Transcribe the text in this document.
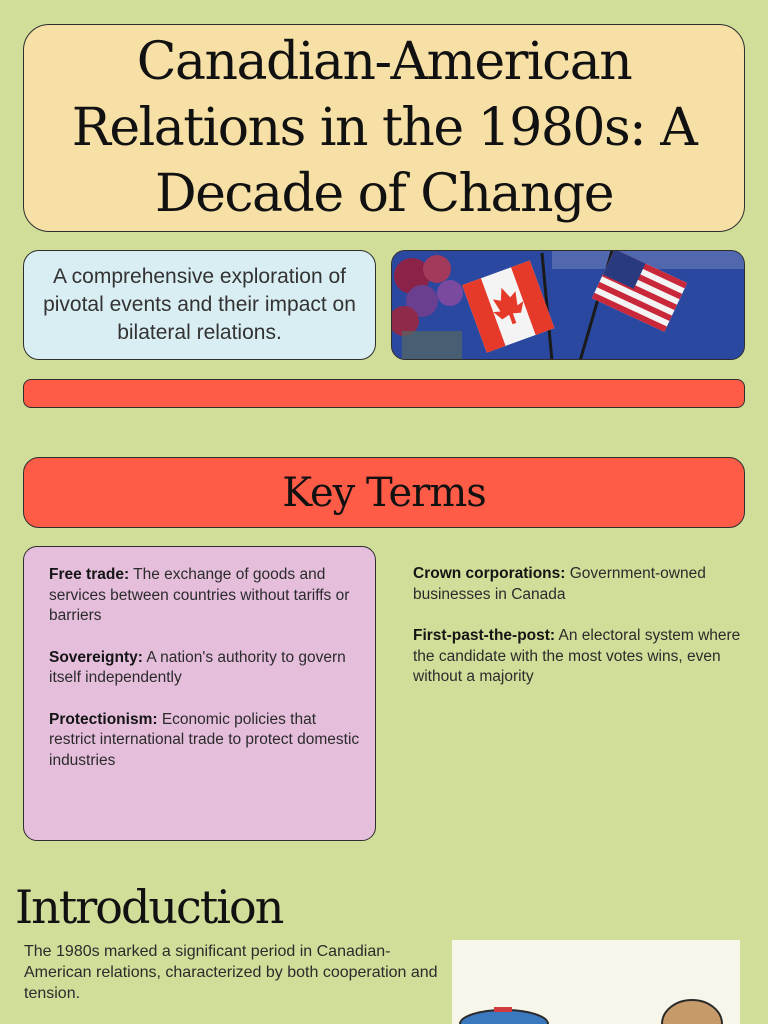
Canadian-American Relations in the 1980s: A Decade of Change

A comprehensive exploration of pivotal events and their impact on bilateral relations.

Key Terms

Free trade: The exchange of goods and services between countries without tariffs or barriers

Sovereignty: A nation's authority to govern itself independently

Protectionism: Economic policies that restrict international trade to protect domestic industries

Crown corporations: Government-owned businesses in Canada

First-past-the-post: An electoral system where the candidate with the most votes wins, even without a majority

Introduction

The 1980s marked a significant period in Canadian-American relations, characterized by both cooperation and tension.
